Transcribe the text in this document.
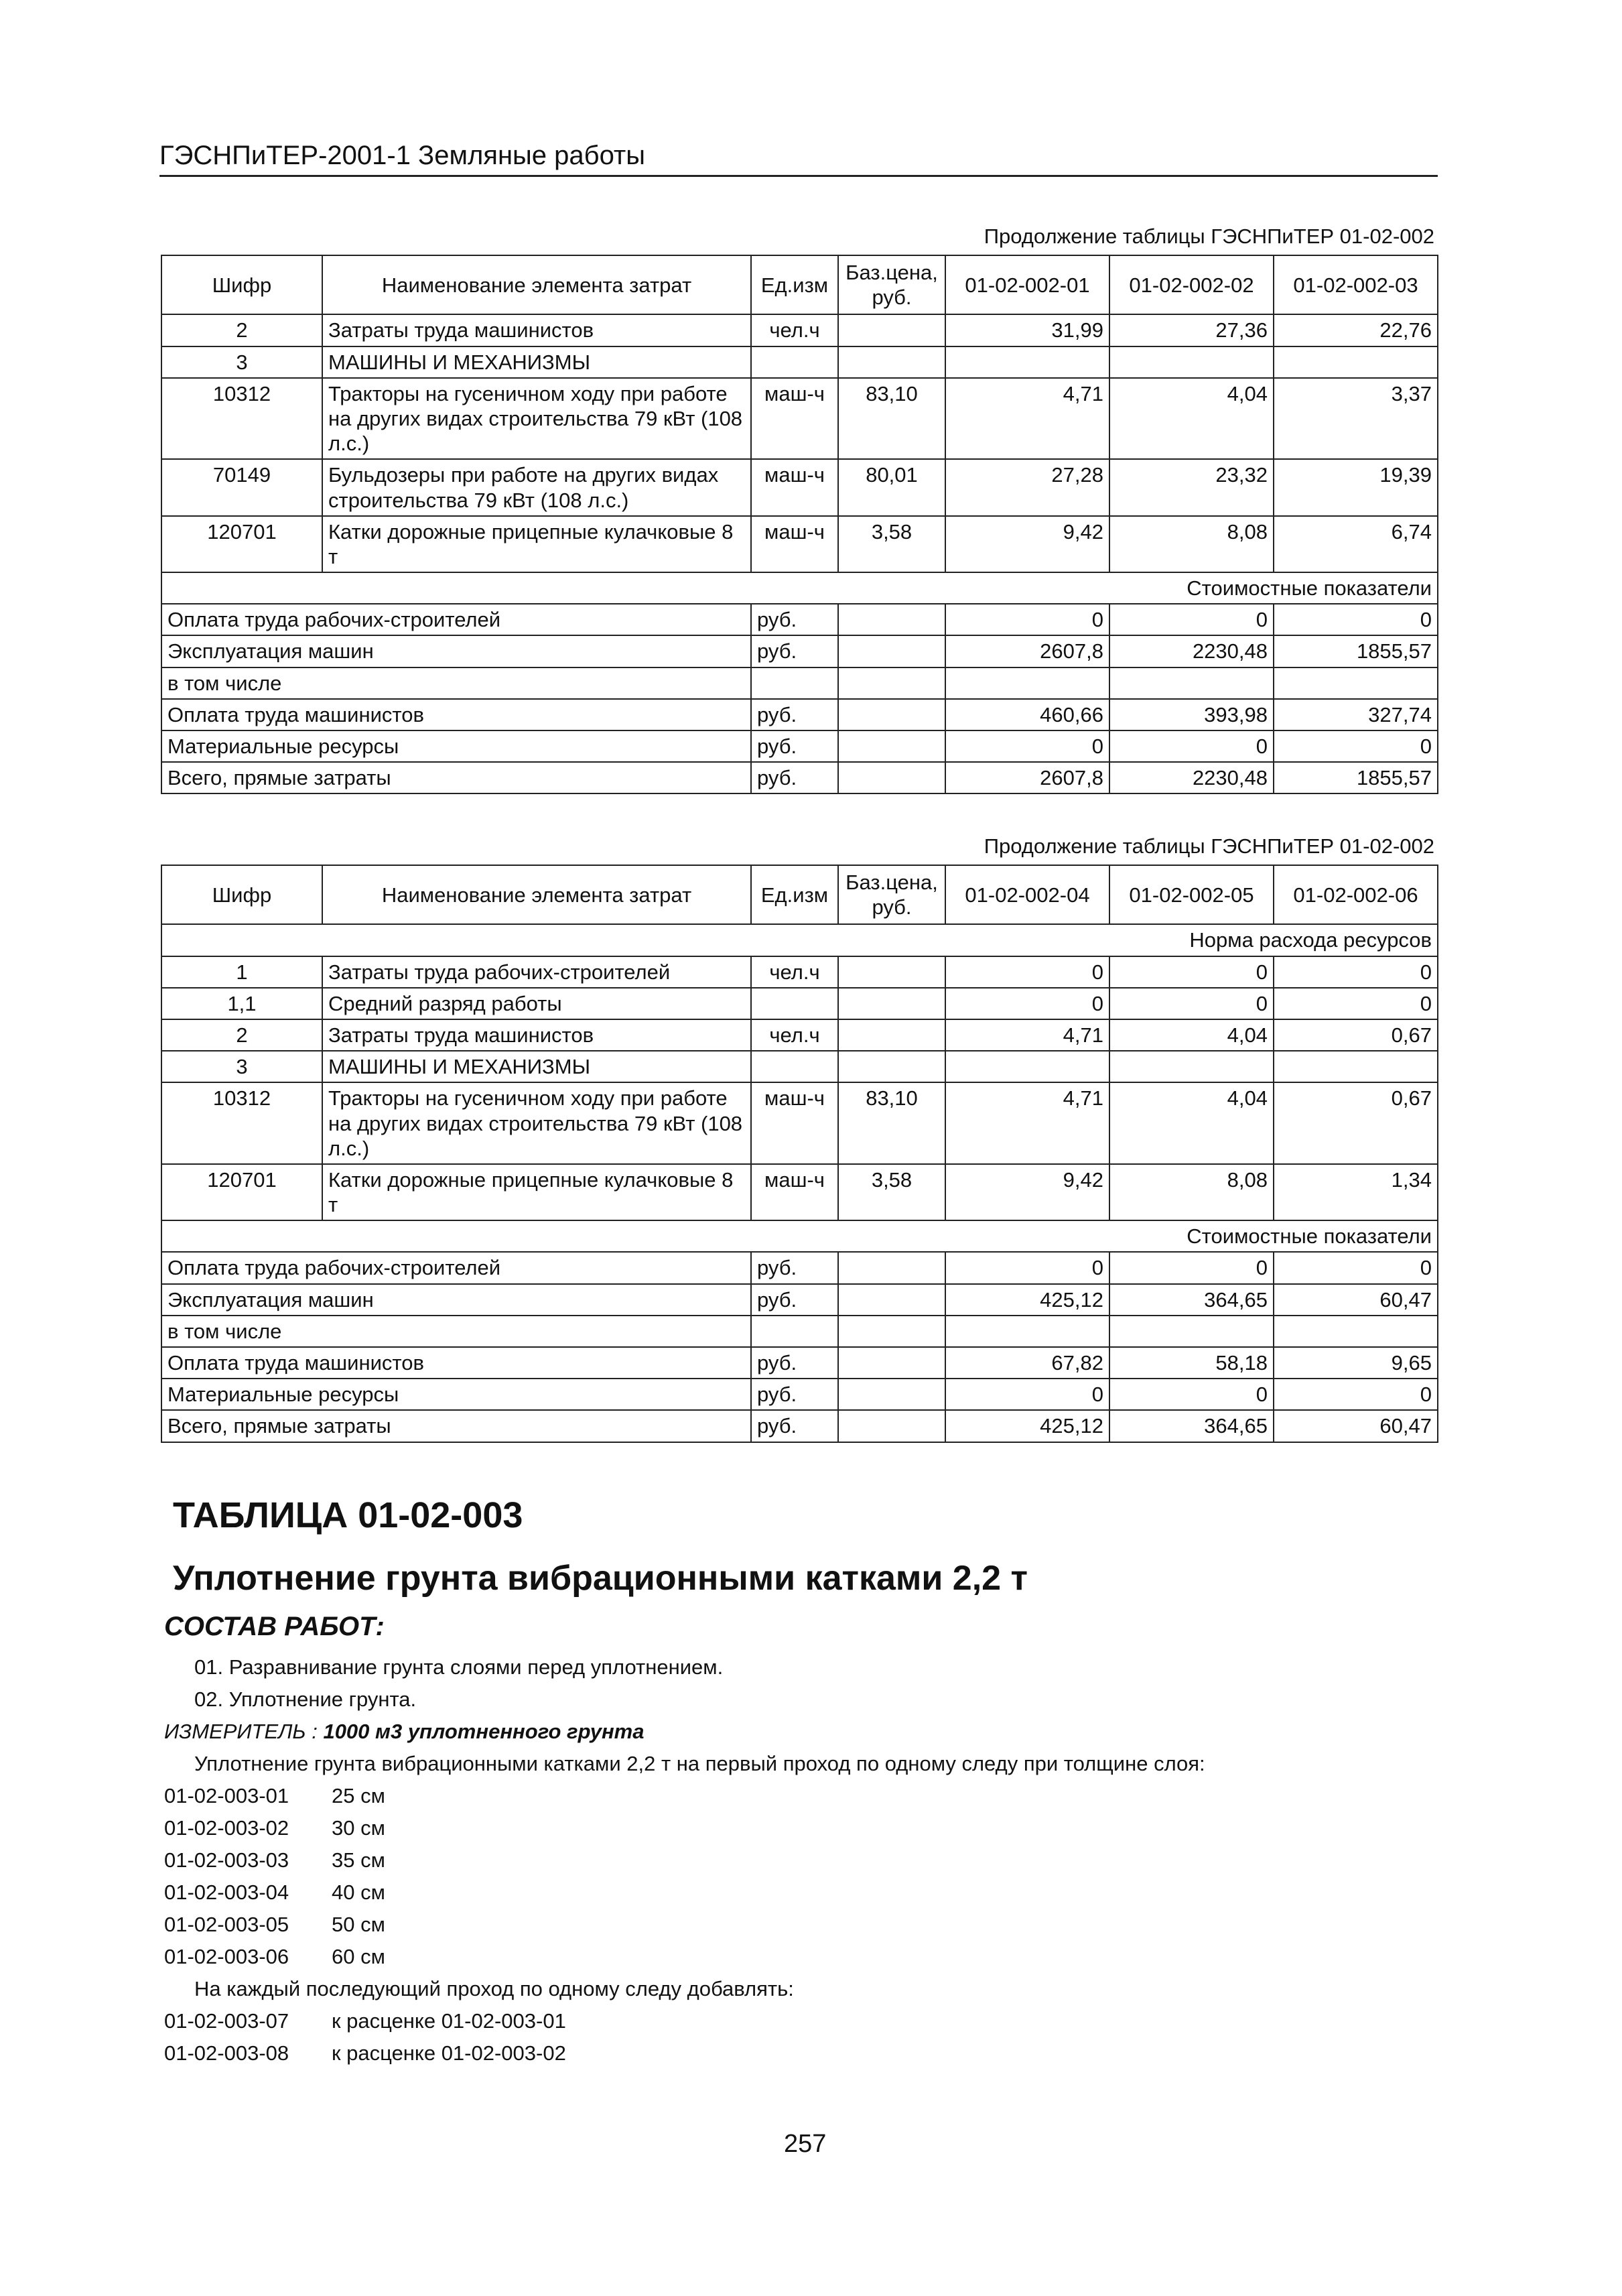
ГЭСНПиТЕР-2001-1 Земляные работы
Продолжение таблицы ГЭСНПиТЕР 01-02-002
Шифр	Наименование элемента затрат	Ед.изм	Баз.цена, руб.	01-02-002-01	01-02-002-02	01-02-002-03
2	Затраты труда машинистов	чел.ч		31,99	27,36	22,76
3	МАШИНЫ И МЕХАНИЗМЫ					
10312	Тракторы на гусеничном ходу при работе на других видах строительства 79 кВт (108 л.с.)	маш-ч	83,10	4,71	4,04	3,37
70149	Бульдозеры при работе на других видах строительства 79 кВт (108 л.с.)	маш-ч	80,01	27,28	23,32	19,39
120701	Катки дорожные прицепные кулачковые 8 т	маш-ч	3,58	9,42	8,08	6,74
Стоимостные показатели						
Оплата труда рабочих-строителей		руб.		0	0	0
Эксплуатация машин		руб.		2607,8	2230,48	1855,57
в том числе						
Оплата труда машинистов		руб.		460,66	393,98	327,74
Материальные ресурсы		руб.		0	0	0
Всего, прямые затраты		руб.		2607,8	2230,48	1855,57
Продолжение таблицы ГЭСНПиТЕР 01-02-002
Шифр	Наименование элемента затрат	Ед.изм	Баз.цена, руб.	01-02-002-04	01-02-002-05	01-02-002-06
Норма расхода ресурсов						
1	Затраты труда рабочих-строителей	чел.ч		0	0	0
1,1	Средний разряд работы			0	0	0
2	Затраты труда машинистов	чел.ч		4,71	4,04	0,67
3	МАШИНЫ И МЕХАНИЗМЫ					
10312	Тракторы на гусеничном ходу при работе на других видах строительства 79 кВт (108 л.с.)	маш-ч	83,10	4,71	4,04	0,67
120701	Катки дорожные прицепные кулачковые 8 т	маш-ч	3,58	9,42	8,08	1,34
Стоимостные показатели						
Оплата труда рабочих-строителей		руб.		0	0	0
Эксплуатация машин		руб.		425,12	364,65	60,47
в том числе						
Оплата труда машинистов		руб.		67,82	58,18	9,65
Материальные ресурсы		руб.		0	0	0
Всего, прямые затраты		руб.		425,12	364,65	60,47
ТАБЛИЦА 01-02-003
Уплотнение грунта вибрационными катками 2,2 т
СОСТАВ РАБОТ:
01. Разравнивание грунта слоями перед уплотнением.
02. Уплотнение грунта.
ИЗМЕРИТЕЛЬ : 1000 м3 уплотненного грунта
Уплотнение грунта вибрационными катками 2,2 т на первый проход по одному следу при толщине слоя:
01-02-003-01 25 см
01-02-003-02 30 см
01-02-003-03 35 см
01-02-003-04 40 см
01-02-003-05 50 см
01-02-003-06 60 см
На каждый последующий проход по одному следу добавлять:
01-02-003-07 к расценке 01-02-003-01
01-02-003-08 к расценке 01-02-003-02
257
